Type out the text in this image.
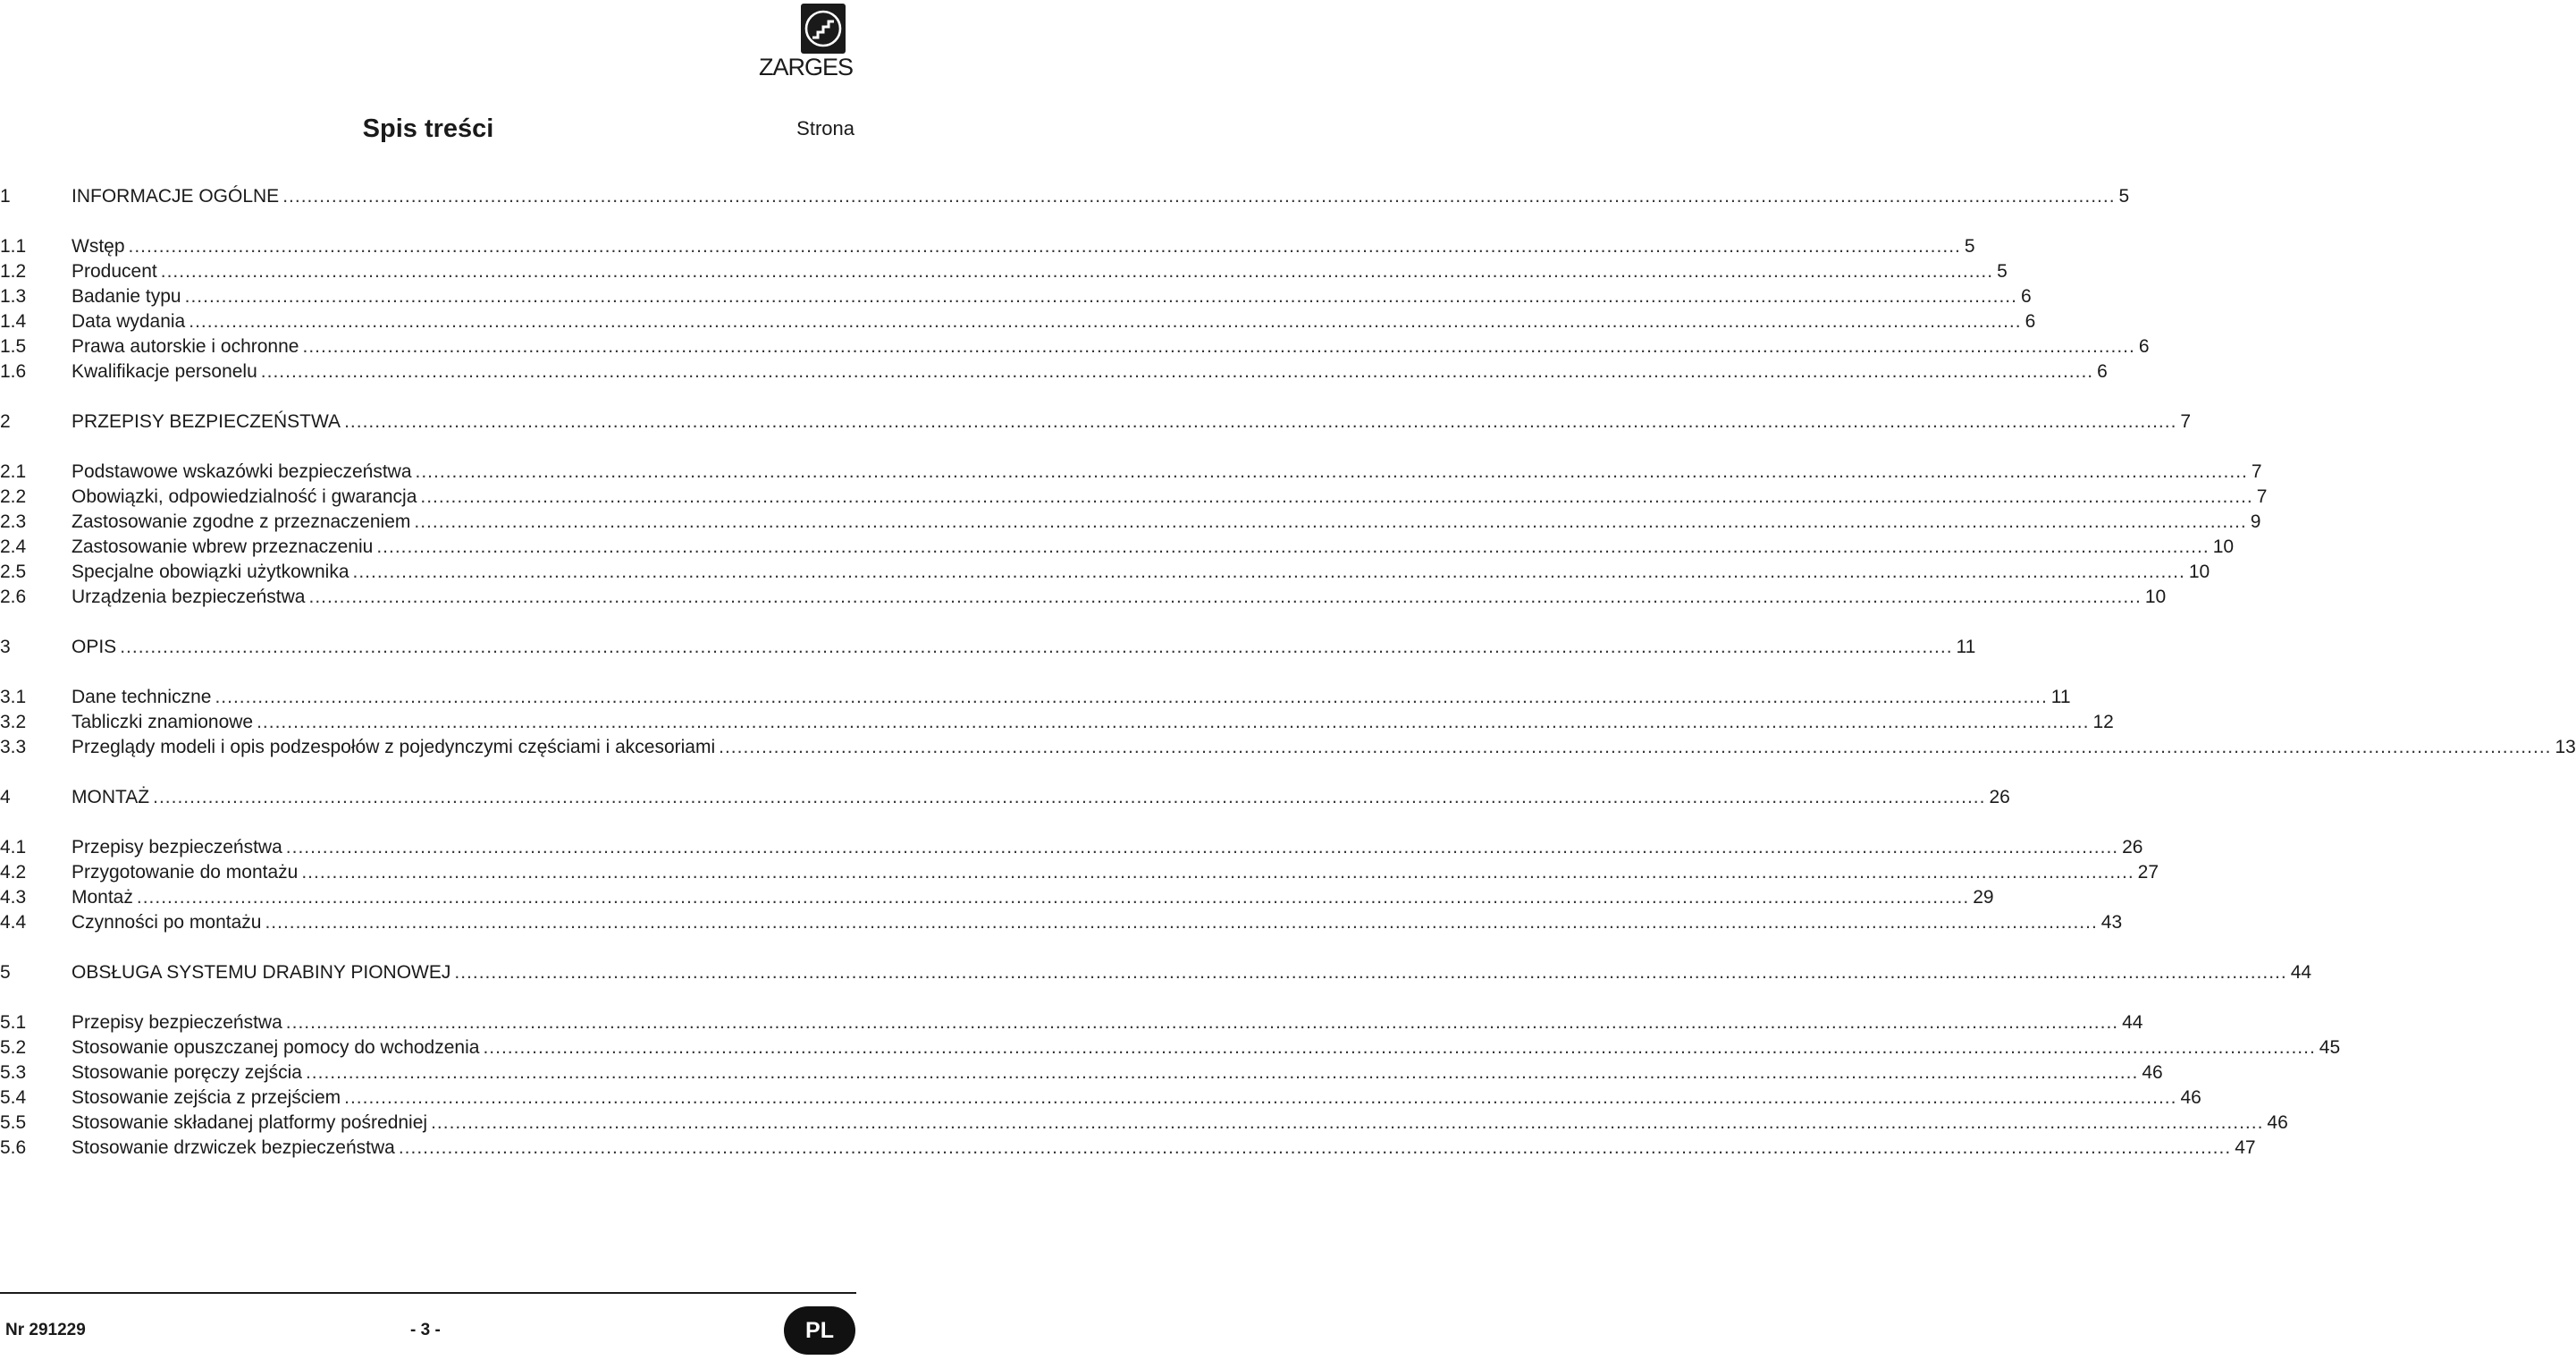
ZARGES
Spis treści	Strona
1	INFORMACJE OGÓLNE ............................................................................................................................................................................................................................................................................................................ 5
1.1	Wstęp ............................................................................................................................................................................................................................................................................................................ 5
1.2	Producent ............................................................................................................................................................................................................................................................................................................ 5
1.3	Badanie typu ............................................................................................................................................................................................................................................................................................................ 6
1.4	Data wydania ............................................................................................................................................................................................................................................................................................................ 6
1.5	Prawa autorskie i ochronne ............................................................................................................................................................................................................................................................................................................ 6
1.6	Kwalifikacje personelu ............................................................................................................................................................................................................................................................................................................ 6
2	PRZEPISY BEZPIECZEŃSTWA ............................................................................................................................................................................................................................................................................................................ 7
2.1	Podstawowe wskazówki bezpieczeństwa ............................................................................................................................................................................................................................................................................................................ 7
2.2	Obowiązki, odpowiedzialność i gwarancja ............................................................................................................................................................................................................................................................................................................ 7
2.3	Zastosowanie zgodne z przeznaczeniem ............................................................................................................................................................................................................................................................................................................ 9
2.4	Zastosowanie wbrew przeznaczeniu ............................................................................................................................................................................................................................................................................................................ 10
2.5	Specjalne obowiązki użytkownika ............................................................................................................................................................................................................................................................................................................ 10
2.6	Urządzenia bezpieczeństwa ............................................................................................................................................................................................................................................................................................................ 10
3	OPIS ............................................................................................................................................................................................................................................................................................................ 11
3.1	Dane techniczne ............................................................................................................................................................................................................................................................................................................ 11
3.2	Tabliczki znamionowe ............................................................................................................................................................................................................................................................................................................ 12
3.3	Przeglądy modeli i opis podzespołów z pojedynczymi częściami i akcesoriami ............................................................................................................................................................................................................................................................................................................ 13
4	MONTAŻ ............................................................................................................................................................................................................................................................................................................ 26
4.1	Przepisy bezpieczeństwa ............................................................................................................................................................................................................................................................................................................ 26
4.2	Przygotowanie do montażu ............................................................................................................................................................................................................................................................................................................ 27
4.3	Montaż ............................................................................................................................................................................................................................................................................................................ 29
4.4	Czynności po montażu ............................................................................................................................................................................................................................................................................................................ 43
5	OBSŁUGA SYSTEMU DRABINY PIONOWEJ ............................................................................................................................................................................................................................................................................................................ 44
5.1	Przepisy bezpieczeństwa ............................................................................................................................................................................................................................................................................................................ 44
5.2	Stosowanie opuszczanej pomocy do wchodzenia ............................................................................................................................................................................................................................................................................................................ 45
5.3	Stosowanie poręczy zejścia ............................................................................................................................................................................................................................................................................................................ 46
5.4	Stosowanie zejścia z przejściem ............................................................................................................................................................................................................................................................................................................ 46
5.5	Stosowanie składanej platformy pośredniej ............................................................................................................................................................................................................................................................................................................ 46
5.6	Stosowanie drzwiczek bezpieczeństwa ............................................................................................................................................................................................................................................................................................................ 47
Nr 291229	- 3 -	PL
